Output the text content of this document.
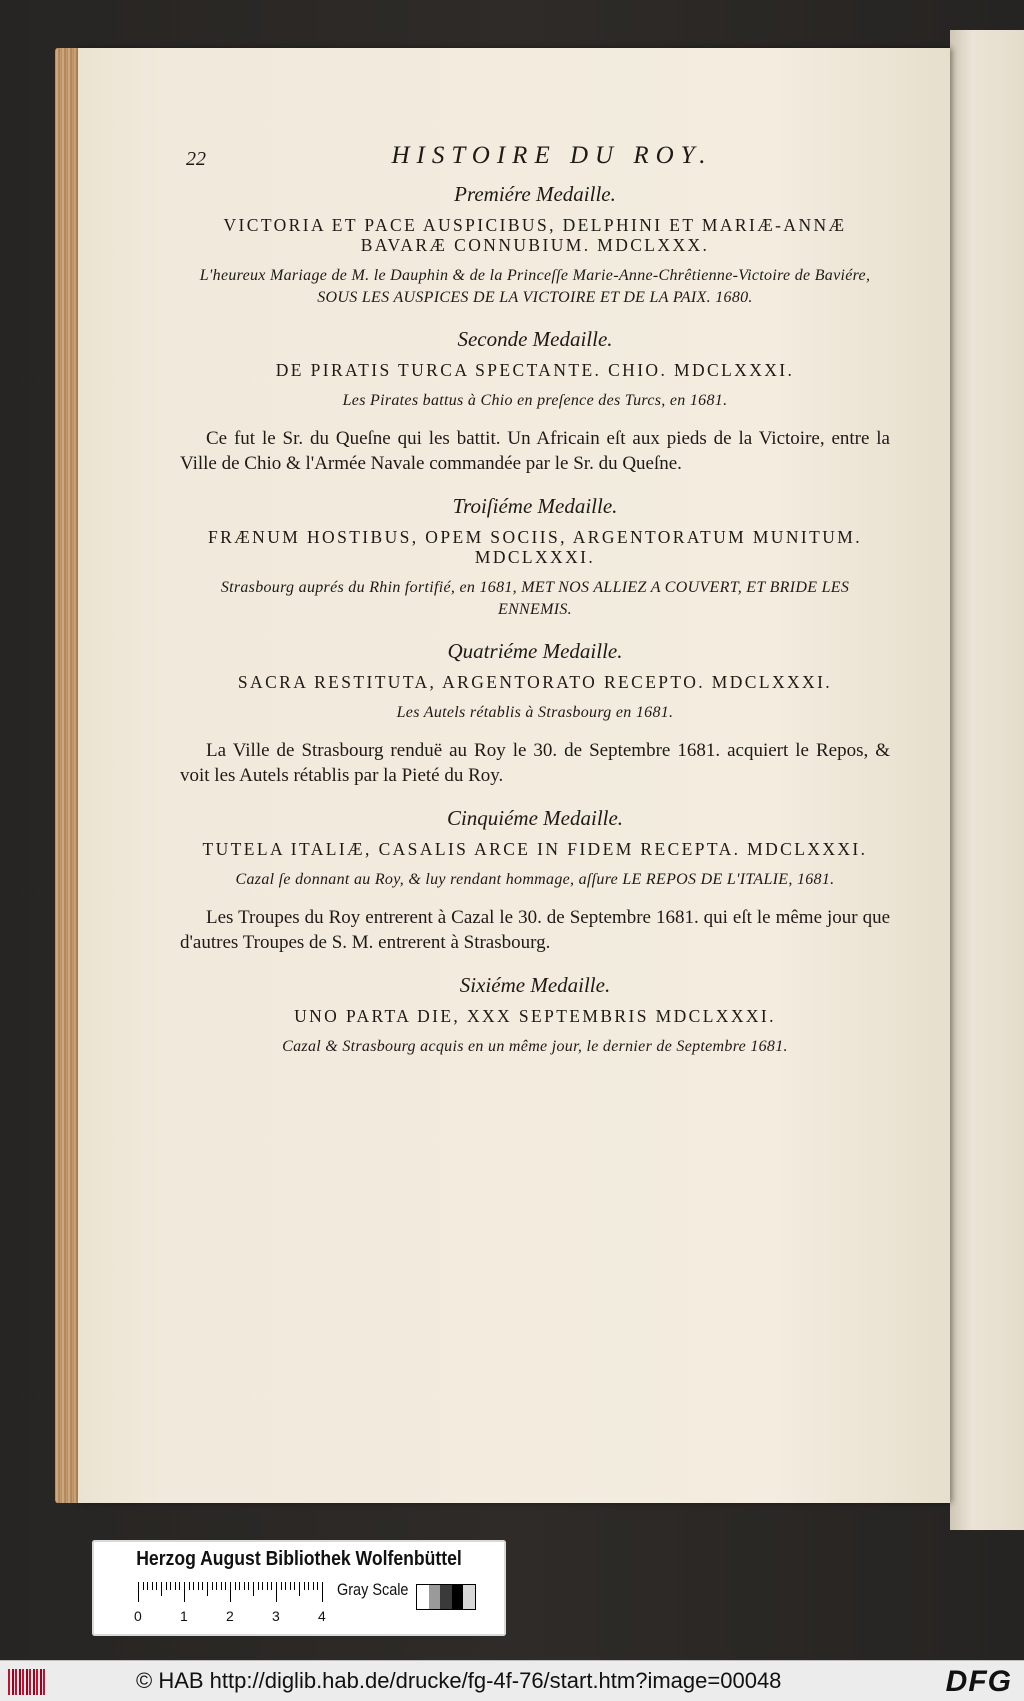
22	HISTOIRE DU ROY.
Premiére Medaille.
VICTORIA ET PACE AUSPICIBUS, DELPHINI ET MARIÆ-ANNÆ BAVARÆ CONNUBIUM. MDCLXXX.
L'heureux Mariage de M. le Dauphin & de la Princeſſe Marie-Anne-Chrêtienne-Victoire de Baviére, SOUS LES AUSPICES DE LA VICTOIRE ET DE LA PAIX. 1680.
Seconde Medaille.
DE PIRATIS TURCA SPECTANTE. CHIO. MDCLXXXI.
Les Pirates battus à Chio en preſence des Turcs, en 1681.

Ce fut le Sr. du Queſne qui les battit. Un Africain eſt aux pieds de la Victoire, entre la Ville de Chio & l'Armée Navale commandée par le Sr. du Queſne.

Troiſiéme Medaille.
FRÆNUM HOSTIBUS, OPEM SOCIIS, ARGENTORATUM MUNITUM. MDCLXXXI.
Strasbourg auprés du Rhin fortifié, en 1681, MET NOS ALLIEZ A COUVERT, ET BRIDE LES ENNEMIS.
Quatriéme Medaille.
SACRA RESTITUTA, ARGENTORATO RECEPTO. MDCLXXXI.
Les Autels rétablis à Strasbourg en 1681.

La Ville de Strasbourg renduë au Roy le 30. de Septembre 1681. acquiert le Repos, & voit les Autels rétablis par la Pieté du Roy.

Cinquiéme Medaille.
TUTELA ITALIÆ, CASALIS ARCE IN FIDEM RECEPTA. MDCLXXXI.
Cazal ſe donnant au Roy, & luy rendant hommage, aſſure LE REPOS DE L'ITALIE, 1681.

Les Troupes du Roy entrerent à Cazal le 30. de Septembre 1681. qui eſt le même jour que d'autres Troupes de S. M. entrerent à Strasbourg.

Sixiéme Medaille.
UNO PARTA DIE, XXX SEPTEMBRIS MDCLXXXI.
Cazal & Strasbourg acquis en un même jour, le dernier de Septembre 1681.
Herzog August Bibliothek Wolfenbüttel
0	1	2	3	4
Gray Scale
© HAB http://diglib.hab.de/drucke/fg-4f-76/start.htm?image=00048	DFG
